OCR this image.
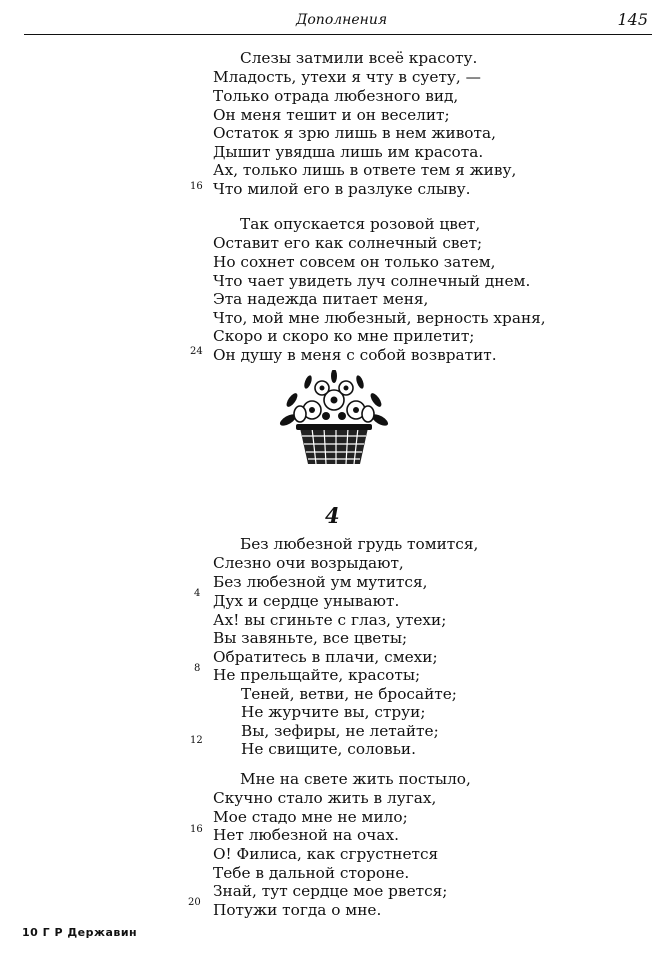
Дополнения	145
Слезы затмили всеё красоту.
Младость, утехи я чту в суету, —
Только отрада любезного вид,
Он меня тешит и он веселит;
Остаток я зрю лишь в нем живота,
Дышит увядша лишь им красота.
Ах, только лишь в ответе тем я живу,
Что милой его в разлуке слыву.
16
Так опускается розовой цвет,
Оставит его как солнечный свет;
Но сохнет совсем он только затем,
Что чает увидеть луч солнечный днем.
Эта надежда питает меня,
Что, мой мне любезный, верность храня,
Скоро и скоро ко мне прилетит;
Он душу в меня с собой возвратит.
24
4
Без любезной грудь томится,
Слезно очи возрыдают,
Без любезной ум мутится,
Дух и сердце унывают.
4
Ах! вы сгиньте с глаз, утехи;
Вы завяньте, все цветы;
Обратитесь в плачи, смехи;
Не прельщайте, красоты;
8
Теней, ветви, не бросайте;
Не журчите вы, струи;
Вы, зефиры, не летайте;
Не свищите, соловьи.
12
Мне на свете жить постыло,
Скучно стало жить в лугах,
Мое стадо мне не мило;
Нет любезной на очах.
16
О! Филиса, как сгрустнется
Тебе в дальной стороне.
Знай, тут сердце мое рвется;
Потужи тогда о мне.
20
10 Г Р Державин
